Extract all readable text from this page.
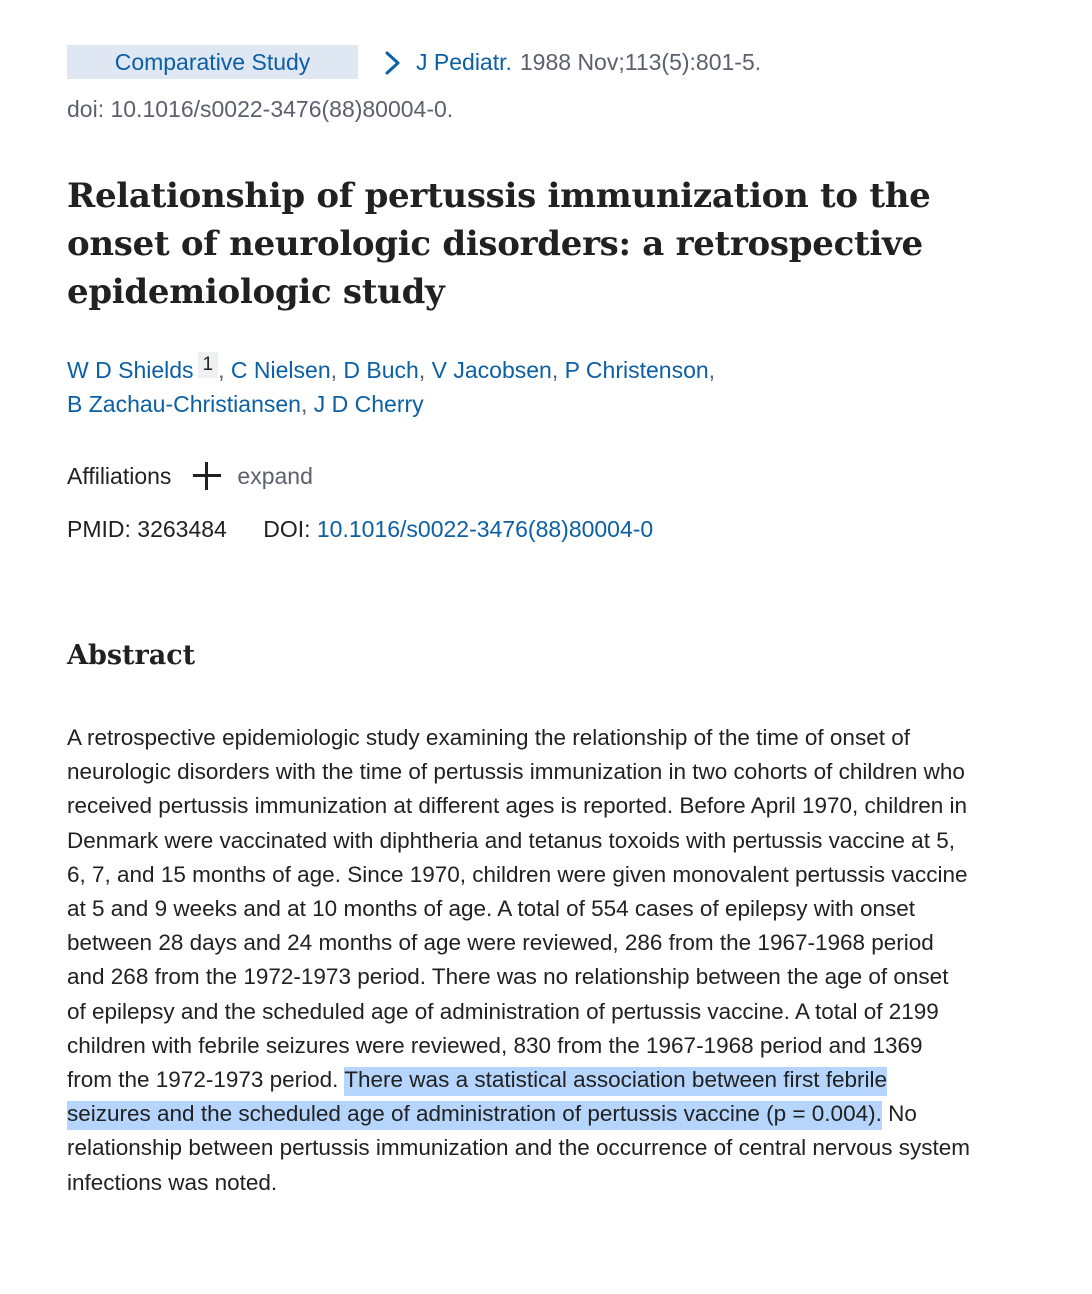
Comparative Study	J Pediatr. 1988 Nov;113(5):801-5.
doi: 10.1016/s0022-3476(88)80004-0.
Relationship of pertussis immunization to the onset of neurologic disorders: a retrospective epidemiologic study
W D Shields $^1$ , C Nielsen, D Buch, V Jacobsen, P Christenson,
B Zachau-Christiansen, J D Cherry
Affiliations	expand
PMID: 3263484 DOI: 10.1016/s0022-3476(88)80004-0
Abstract

A retrospective epidemiologic study examining the relationship of the time of onset of neurologic disorders with the time of pertussis immunization in two cohorts of children who received pertussis immunization at different ages is reported. Before April 1970, children in Denmark were vaccinated with diphtheria and tetanus toxoids with pertussis vaccine at 5, 6, 7, and 15 months of age. Since 1970, children were given monovalent pertussis vaccine at 5 and 9 weeks and at 10 months of age. A total of 554 cases of epilepsy with onset between 28 days and 24 months of age were reviewed, 286 from the 1967-1968 period and 268 from the 1972-1973 period. There was no relationship between the age of onset of epilepsy and the scheduled age of administration of pertussis vaccine. A total of 2199 children with febrile seizures were reviewed, 830 from the 1967-1968 period and 1369 from the 1972-1973 period. There was a statistical association between first febrile seizures and the scheduled age of administration of pertussis vaccine (p = 0.004). No relationship between pertussis immunization and the occurrence of central nervous system infections was noted.
